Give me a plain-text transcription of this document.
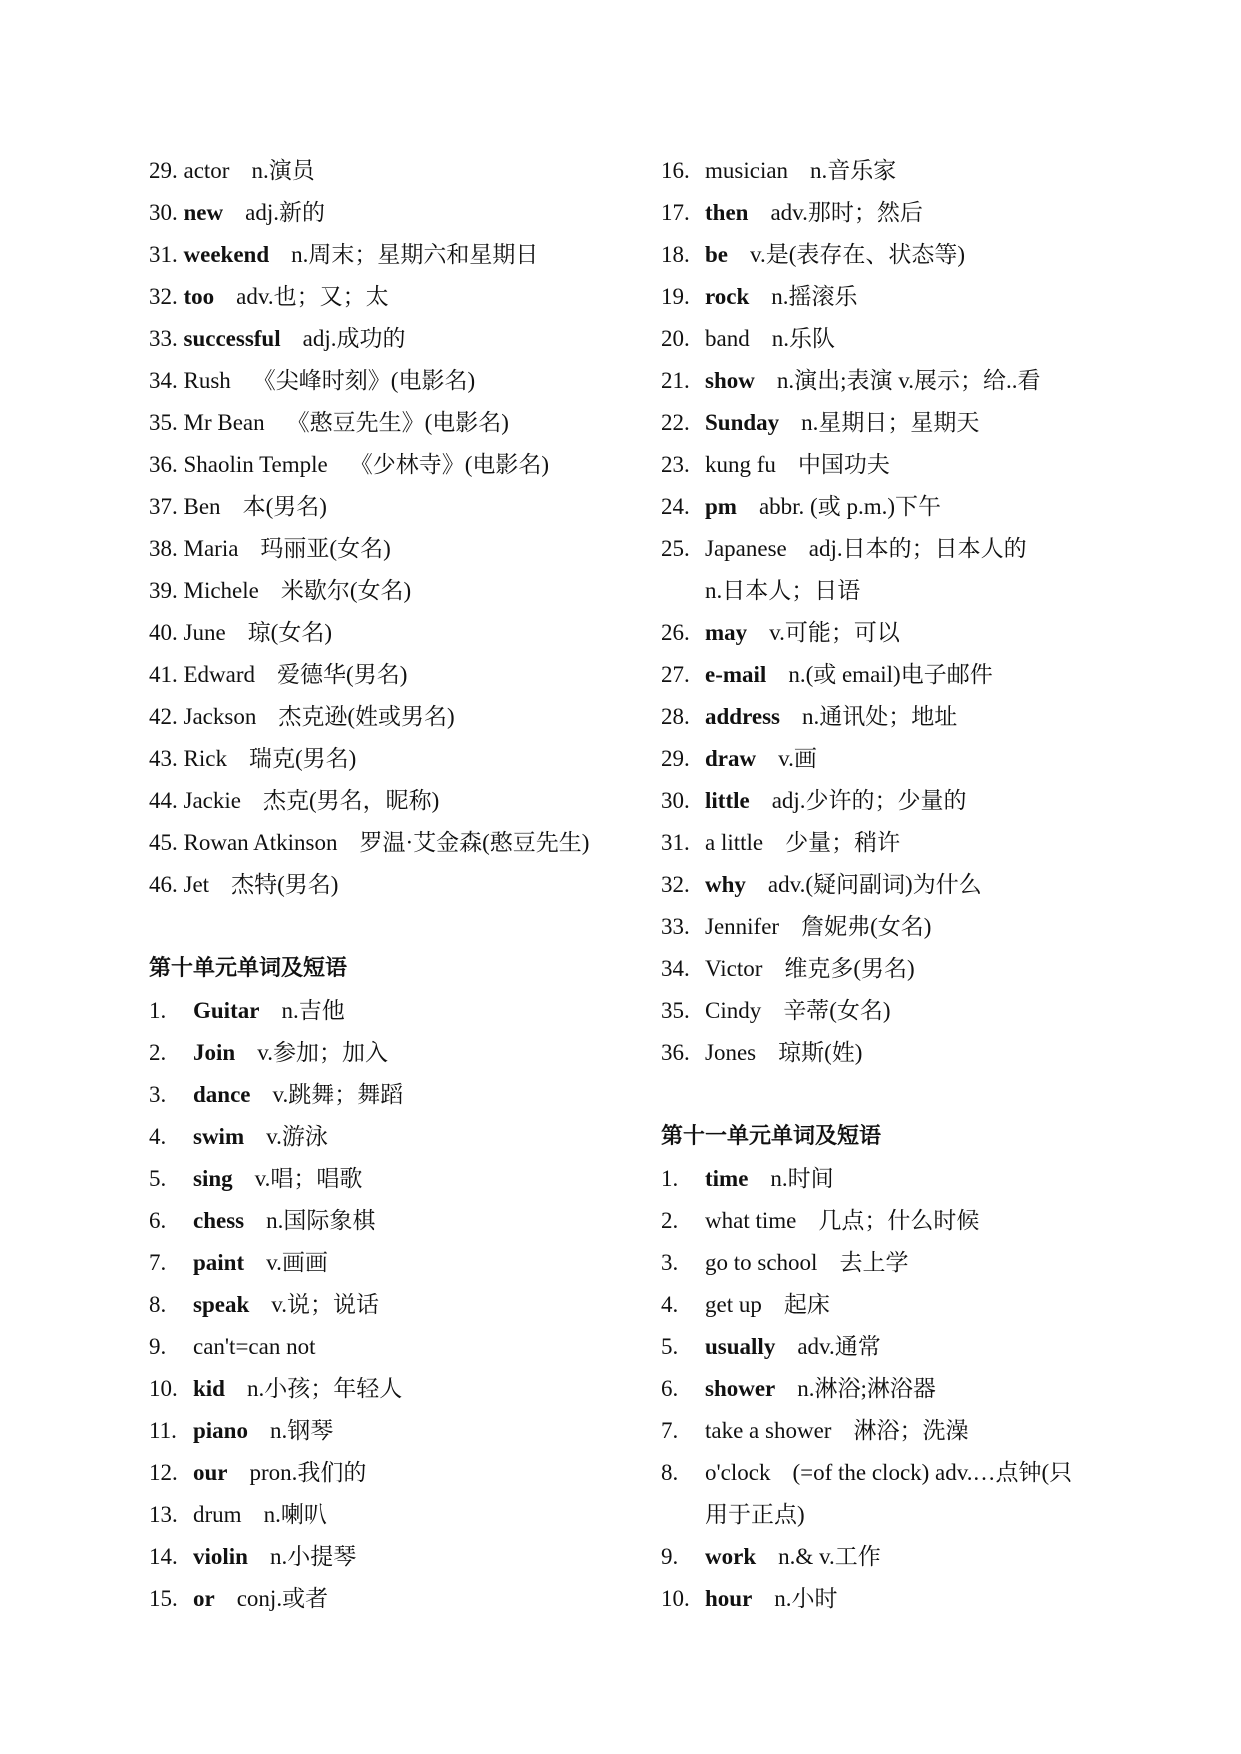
29. actor n.演员
30. new adj.新的
31. weekend n.周末；星期六和星期日
32. too adv.也；又；太
33. successful adj.成功的
34. Rush 《尖峰时刻》(电影名)
35. Mr Bean 《憨豆先生》(电影名)
36. Shaolin Temple 《少林寺》(电影名)
37. Ben 本(男名)
38. Maria 玛丽亚(女名)
39. Michele 米歇尔(女名)
40. June 琼(女名)
41. Edward 爱德华(男名)
42. Jackson 杰克逊(姓或男名)
43. Rick 瑞克(男名)
44. Jackie 杰克(男名，昵称)
45. Rowan Atkinson 罗温·艾金森(憨豆先生)
46. Jet 杰特(男名)
第十单元单词及短语
1. Guitar n.吉他
2. Join v.参加；加入
3. dance v.跳舞；舞蹈
4. swim v.游泳
5. sing v.唱；唱歌
6. chess n.国际象棋
7. paint v.画画
8. speak v.说；说话
9. can't=can not
10. kid n.小孩；年轻人
11. piano n.钢琴
12. our pron.我们的
13. drum n.喇叭
14. violin n.小提琴
15. or conj.或者
16. musician n.音乐家
17. then adv.那时；然后
18. be v.是(表存在、状态等)
19. rock n.摇滚乐
20. band n.乐队
21. show n.演出;表演 v.展示；给..看
22. Sunday n.星期日；星期天
23. kung fu 中国功夫
24. pm abbr. (或 p.m.)下午
25. Japanese adj.日本的；日本人的
n.日本人；日语
26. may v.可能；可以
27. e-mail n.(或 email)电子邮件
28. address n.通讯处；地址
29. draw v.画
30. little adj.少许的；少量的
31. a little 少量；稍许
32. why adv.(疑问副词)为什么
33. Jennifer 詹妮弗(女名)
34. Victor 维克多(男名)
35. Cindy 辛蒂(女名)
36. Jones 琼斯(姓)
第十一单元单词及短语
1. time n.时间
2. what time 几点；什么时候
3. go to school 去上学
4. get up 起床
5. usually adv.通常
6. shower n.淋浴;淋浴器
7. take a shower 淋浴；洗澡
8. o'clock (=of the clock) adv.…点钟(只
用于正点)
9. work n.& v.工作
10. hour n.小时
